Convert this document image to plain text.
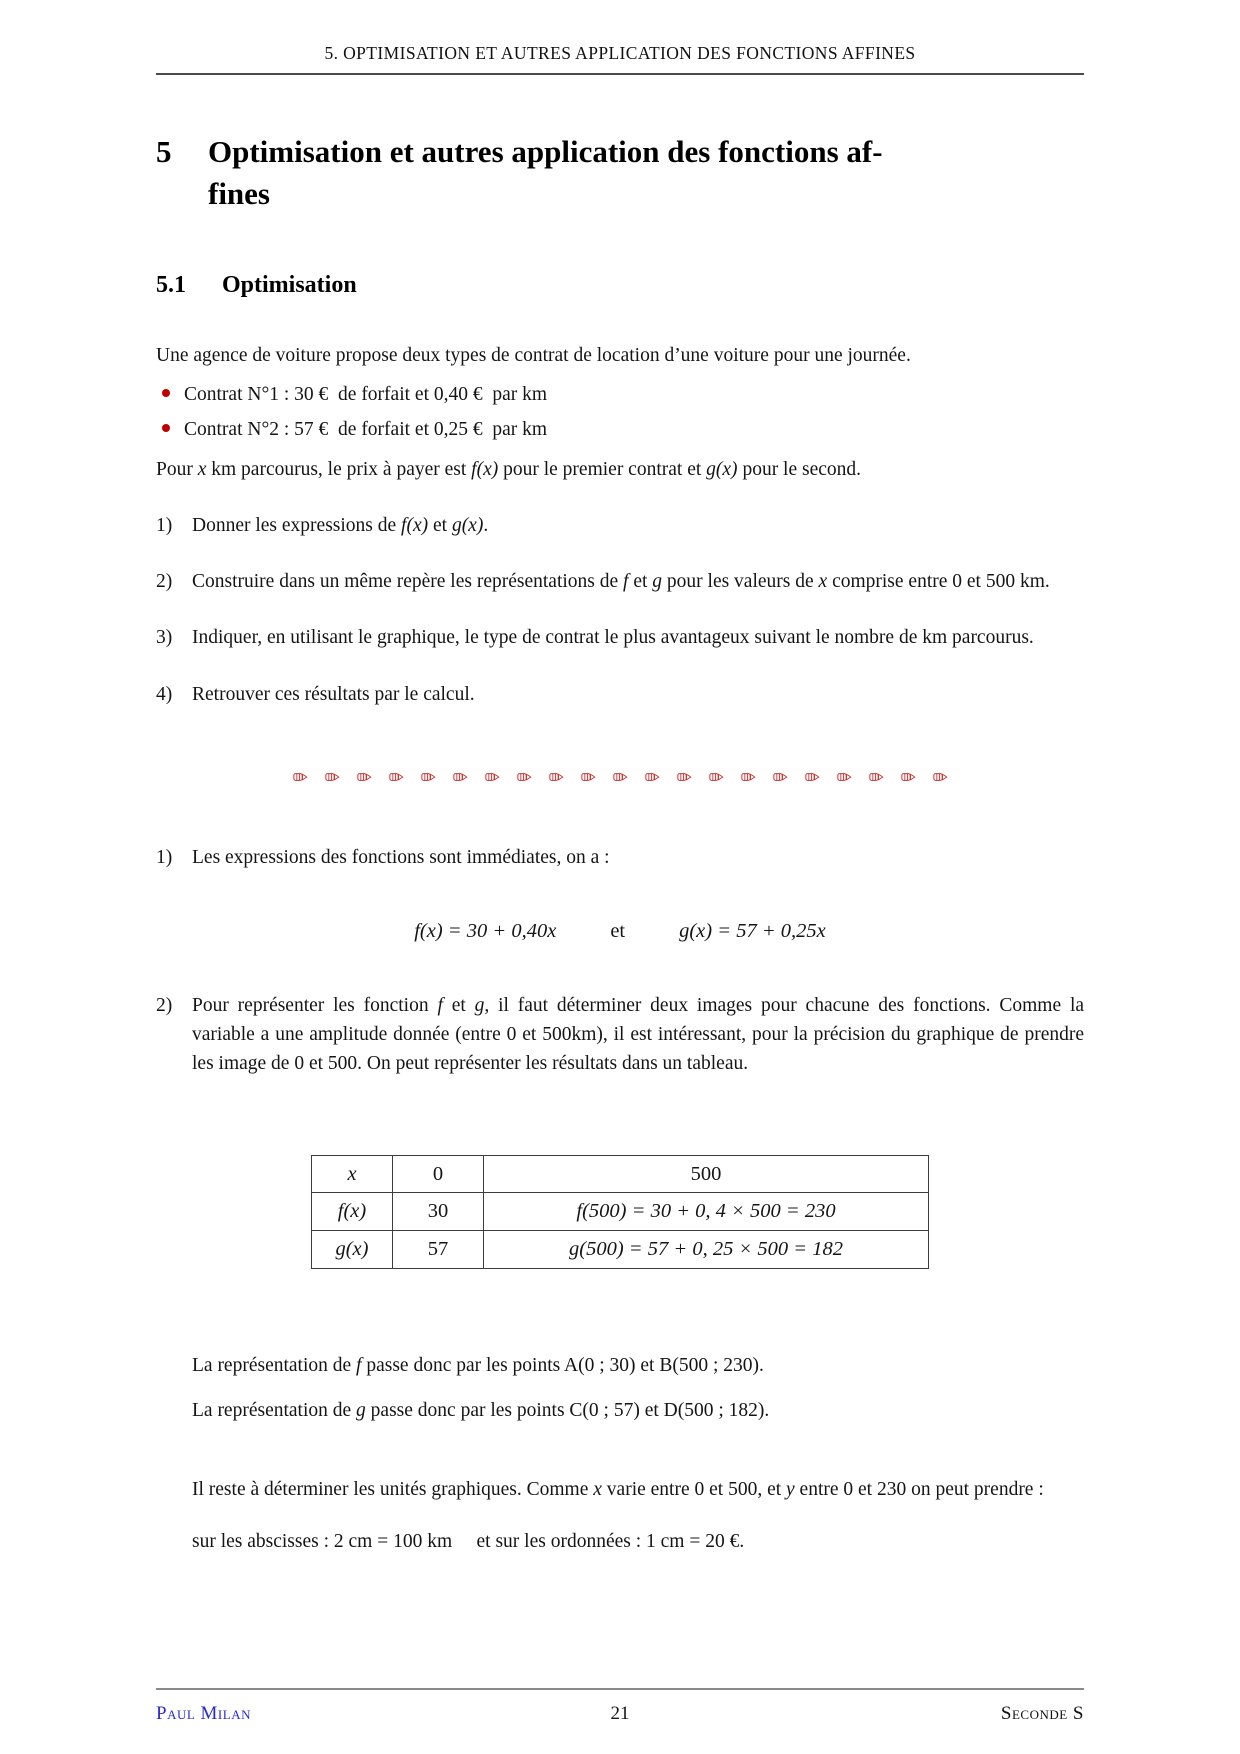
5. OPTIMISATION ET AUTRES APPLICATION DES FONCTIONS AFFINES
5	Optimisation et autres application des fonctions af-
fines
5.1	Optimisation

Une agence de voiture propose deux types de contrat de location d’une voiture pour une journée.

Contrat N°1 : 30 € de forfait et 0,40 € par km
Contrat N°2 : 57 € de forfait et 0,25 € par km

Pour x km parcourus, le prix à payer est f(x) pour le premier contrat et g(x) pour le second.

1)	Donner les expressions de f(x) et g(x).
2)	Construire dans un même repère les représentations de f et g pour les valeurs de x comprise entre 0 et 500 km.
3)	Indiquer, en utilisant le graphique, le type de contrat le plus avantageux suivant le nombre de km parcourus.
4)	Retrouver ces résultats par le calcul.
1)	Les expressions des fonctions sont immédiates, on a :
f(x) = 30 + 0,40x	et	g(x) = 57 + 0,25x
2)	Pour représenter les fonction f et g, il faut déterminer deux images pour chacune des fonctions. Comme la variable a une amplitude donnée (entre 0 et 500km), il est intéressant, pour la précision du graphique de prendre les image de 0 et 500. On peut représenter les résultats dans un tableau.
x	0	500
f(x)	30	f(500) = 30 + 0, 4 × 500 = 230
g(x)	57	g(500) = 57 + 0, 25 × 500 = 182

La représentation de f passe donc par les points A(0 ; 30) et B(500 ; 230).

La représentation de g passe donc par les points C(0 ; 57) et D(500 ; 182).

Il reste à déterminer les unités graphiques. Comme x varie entre 0 et 500, et y entre 0 et 230 on peut prendre :

sur les abscisses : 2 cm = 100 km  et sur les ordonnées : 1 cm = 20 €.

Paul Milan	21	Seconde S
